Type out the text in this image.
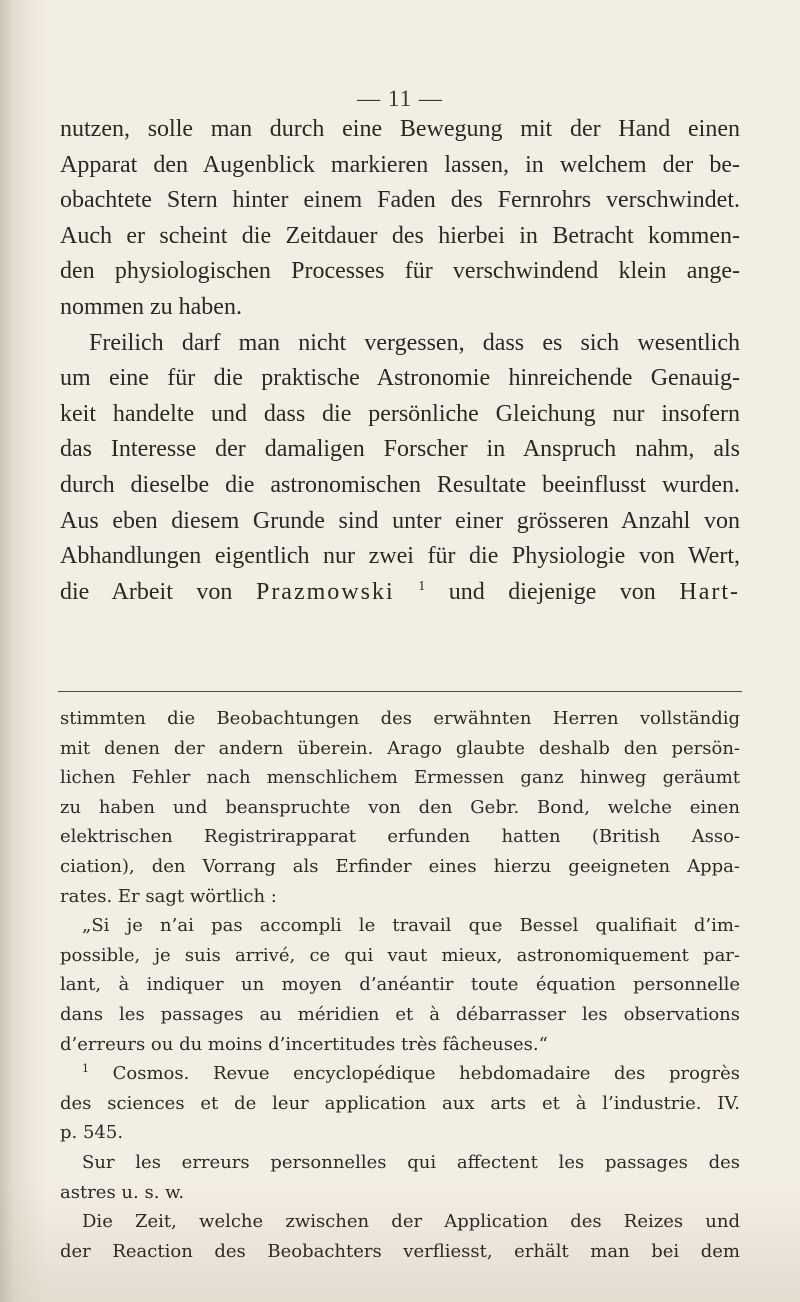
— 11 —
nutzen, solle man durch eine Bewegung mit der Hand einen
Apparat den Augenblick markieren lassen, in welchem der be-
obachtete Stern hinter einem Faden des Fernrohrs verschwindet.
Auch er scheint die Zeitdauer des hierbei in Betracht kommen-
den physiologischen Processes für verschwindend klein ange-
nommen zu haben.
Freilich darf man nicht vergessen, dass es sich wesentlich
um eine für die praktische Astronomie hinreichende Genauig-
keit handelte und dass die persönliche Gleichung nur insofern
das Interesse der damaligen Forscher in Anspruch nahm, als
durch dieselbe die astronomischen Resultate beeinflusst wurden.
Aus eben diesem Grunde sind unter einer grösseren Anzahl von
Abhandlungen eigentlich nur zwei für die Physiologie von Wert,
die Arbeit von Prazmowski $^1$ und diejenige von Hart-
stimmten die Beobachtungen des erwähnten Herren vollständig
mit denen der andern überein. Arago glaubte deshalb den persön-
lichen Fehler nach menschlichem Ermessen ganz hinweg geräumt
zu haben und beanspruchte von den Gebr. Bond, welche einen
elektrischen Registrirapparat erfunden hatten (British Asso-
ciation), den Vorrang als Erfinder eines hierzu geeigneten Appa-
rates. Er sagt wörtlich :
„Si je n’ai pas accompli le travail que Bessel qualifiait d’im-
possible, je suis arrivé, ce qui vaut mieux, astronomiquement par-
lant, à indiquer un moyen d’anéantir toute équation personnelle
dans les passages au méridien et à débarrasser les observations
d’erreurs ou du moins d’incertitudes très fâcheuses.“
$^1$ Cosmos. Revue encyclopédique hebdomadaire des progrès
des sciences et de leur application aux arts et à l’industrie. IV.
p. 545.
Sur les erreurs personnelles qui affectent les passages des
astres u. s. w.
Die Zeit, welche zwischen der Application des Reizes und
der Reaction des Beobachters verfliesst, erhält man bei dem
